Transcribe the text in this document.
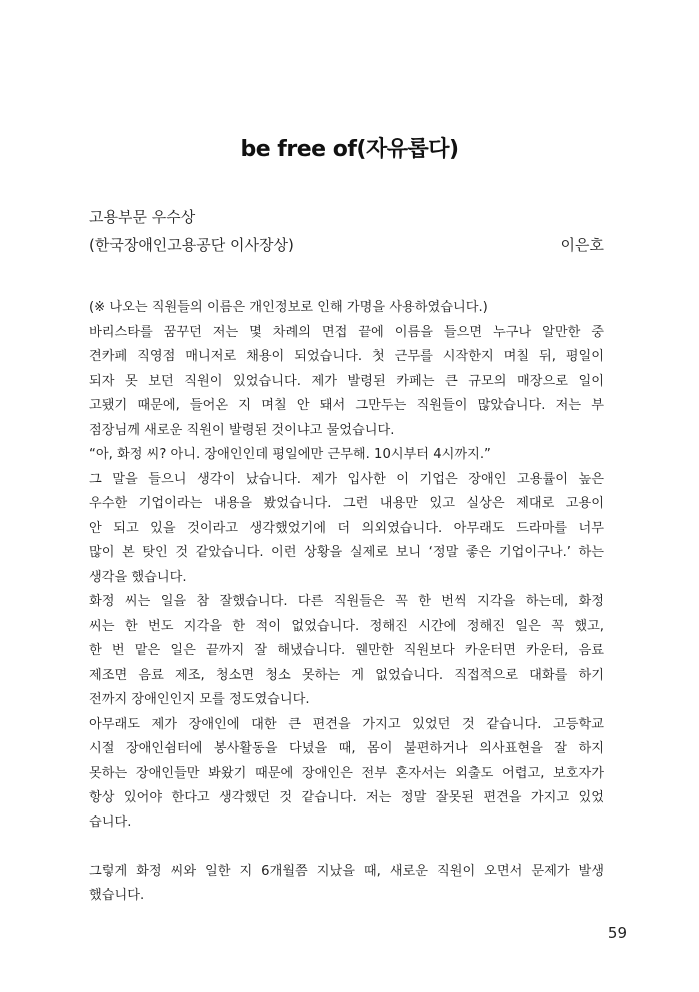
be free of(자유롭다)
고용부문 우수상
(한국장애인고용공단 이사장상)	이은호
(※ 나오는 직원들의 이름은 개인정보로 인해 가명을 사용하였습니다.)
바리스타를 꿈꾸던 저는 몇 차례의 면접 끝에 이름을 들으면 누구나 알만한 중
견카페 직영점 매니저로 채용이 되었습니다. 첫 근무를 시작한지 며칠 뒤, 평일이
되자 못 보던 직원이 있었습니다. 제가 발령된 카페는 큰 규모의 매장으로 일이
고됐기 때문에, 들어온 지 며칠 안 돼서 그만두는 직원들이 많았습니다. 저는 부
점장님께 새로운 직원이 발령된 것이냐고 물었습니다.
“아, 화정 씨? 아니. 장애인인데 평일에만 근무해. 10시부터 4시까지.”
그 말을 들으니 생각이 났습니다. 제가 입사한 이 기업은 장애인 고용률이 높은
우수한 기업이라는 내용을 봤었습니다. 그런 내용만 있고 실상은 제대로 고용이
안 되고 있을 것이라고 생각했었기에 더 의외였습니다. 아무래도 드라마를 너무
많이 본 탓인 것 같았습니다. 이런 상황을 실제로 보니 ‘정말 좋은 기업이구나.’ 하는
생각을 했습니다.
화정 씨는 일을 참 잘했습니다. 다른 직원들은 꼭 한 번씩 지각을 하는데, 화정
씨는 한 번도 지각을 한 적이 없었습니다. 정해진 시간에 정해진 일은 꼭 했고,
한 번 맡은 일은 끝까지 잘 해냈습니다. 웬만한 직원보다 카운터면 카운터, 음료
제조면 음료 제조, 청소면 청소 못하는 게 없었습니다. 직접적으로 대화를 하기
전까지 장애인인지 모를 정도였습니다.
아무래도 제가 장애인에 대한 큰 편견을 가지고 있었던 것 같습니다. 고등학교
시절 장애인쉼터에 봉사활동을 다녔을 때, 몸이 불편하거나 의사표현을 잘 하지
못하는 장애인들만 봐왔기 때문에 장애인은 전부 혼자서는 외출도 어렵고, 보호자가
항상 있어야 한다고 생각했던 것 같습니다. 저는 정말 잘못된 편견을 가지고 있었
습니다.
그렇게 화정 씨와 일한 지 6개월쯤 지났을 때, 새로운 직원이 오면서 문제가 발생
했습니다.
59
